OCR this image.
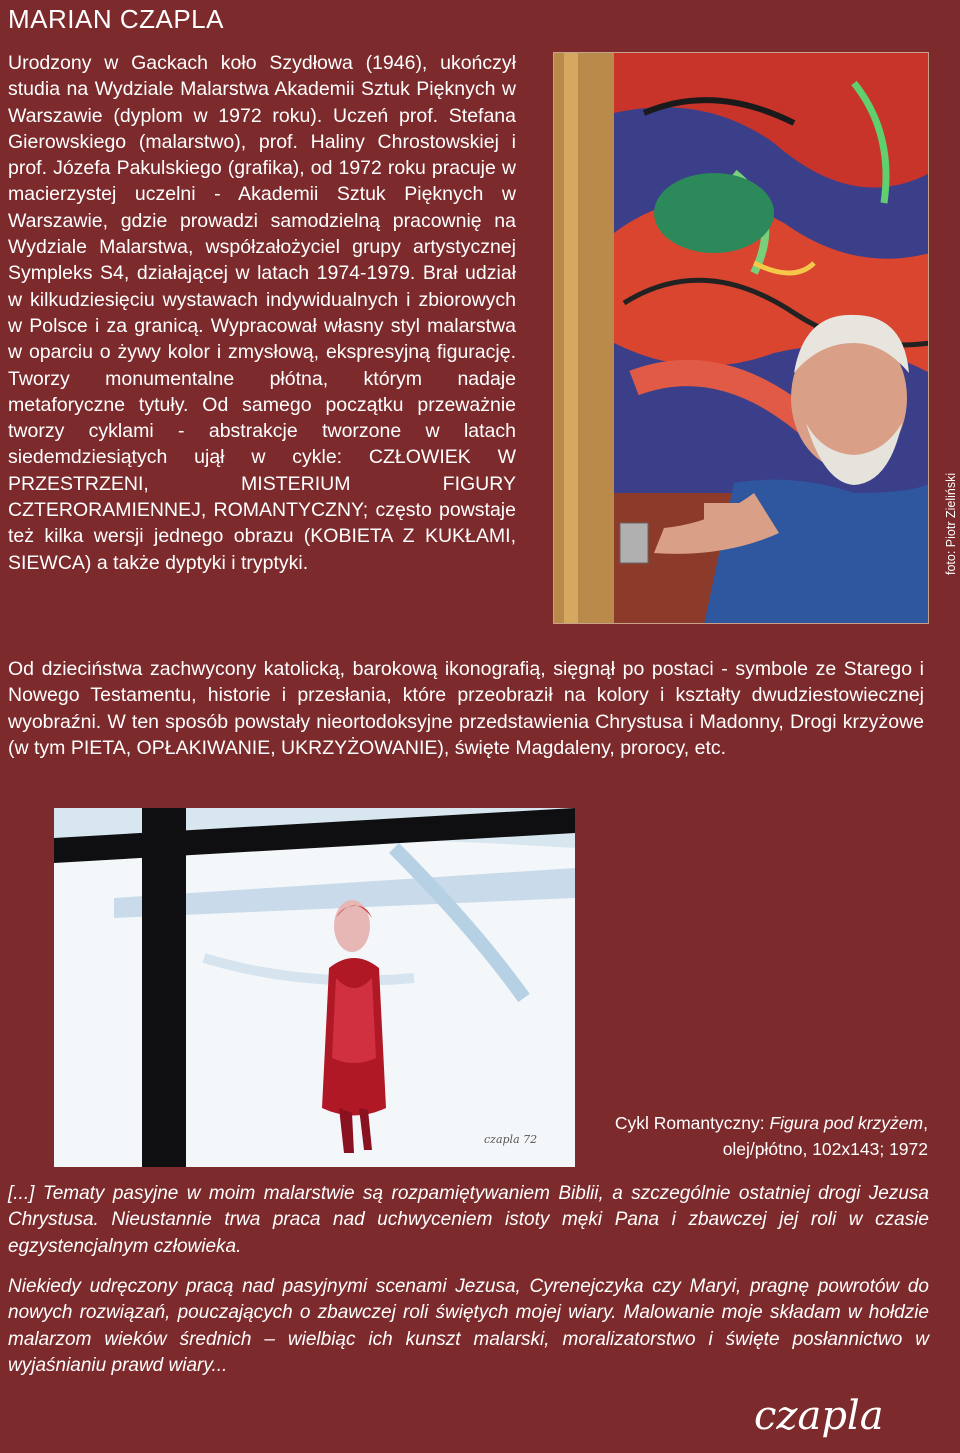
MARIAN CZAPLA
Urodzony w Gackach koło Szydłowa (1946), ukończył studia na Wydziale Malarstwa Akademii Sztuk Pięknych w Warszawie (dyplom w 1972 roku). Uczeń prof. Stefana Gierowskiego (malarstwo), prof. Haliny Chrostowskiej i prof. Józefa Pakulskiego (grafika), od 1972 roku pracuje w macierzystej uczelni - Akademii Sztuk Pięknych w Warszawie, gdzie prowadzi samodzielną pracownię na Wydziale Malarstwa, współzałożyciel grupy artystycznej Sympleks S4, działającej w latach 1974-1979. Brał udział w kilkudziesięciu wystawach indywidualnych i zbiorowych w Polsce i za granicą. Wypracował własny styl malarstwa w oparciu o żywy kolor i zmysłową, ekspresyjną figurację. Tworzy monumentalne płótna, którym nadaje metaforyczne tytuły. Od samego początku przeważnie tworzy cyklami - abstrakcje tworzone w latach siedemdziesiątych ujął w cykle: CZŁOWIEK W PRZESTRZENI, MISTERIUM FIGURY CZTERORAMIENNEJ, ROMANTYCZNY; często powstaje też kilka wersji jednego obrazu (KOBIETA Z KUKŁAMI, SIEWCA) a także dyptyki i tryptyki.	foto: Piotr Zieliński
Od dzieciństwa zachwycony katolicką, barokową ikonografią, sięgnął po postaci - symbole ze Starego i Nowego Testamentu, historie i przesłania, które przeobraził na kolory i kształty dwudziestowiecznej wyobraźni. W ten sposób powstały nieortodoksyjne przedstawienia Chrystusa i Madonny, Drogi krzyżowe (w tym PIETA, OPŁAKIWANIE, UKRZYŻOWANIE), święte Magdaleny, prorocy, etc.
czapla 72
Cykl Romantyczny: Figura pod krzyżem, olej/płótno, 102x143; 1972
[...] Tematy pasyjne w moim malarstwie są rozpamiętywaniem Biblii, a szczególnie ostatniej drogi Jezusa Chrystusa. Nieustannie trwa praca nad uchwyceniem istoty męki Pana i zbawczej jej roli w czasie egzystencjalnym człowieka.
Niekiedy udręczony pracą nad pasyjnymi scenami Jezusa, Cyrenejczyka czy Maryi, pragnę powrotów do nowych rozwiązań, pouczających o zbawczej roli świętych mojej wiary. Malowanie moje składam w hołdzie malarzom wieków średnich – wielbiąc ich kunszt malarski, moralizatorstwo i święte posłannictwo w wyjaśnianiu prawd wiary...
czapla
